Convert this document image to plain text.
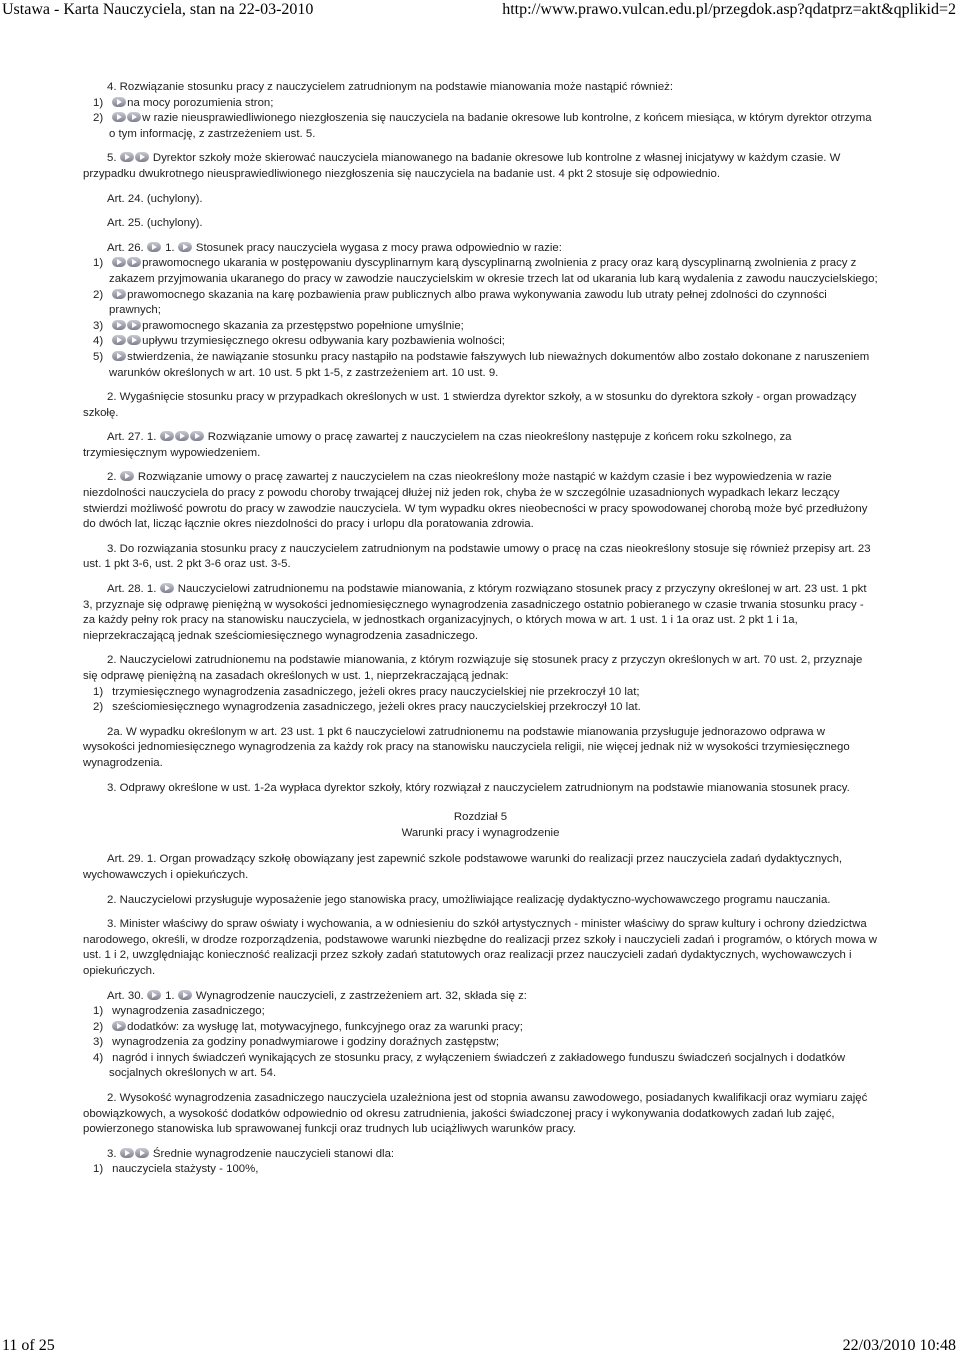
Ustawa - Karta Nauczyciela, stan na 22-03-2010	http://www.prawo.vulcan.edu.pl/przegdok.asp?qdatprz=akt&qplikid=2
4. Rozwiązanie stosunku pracy z nauczycielem zatrudnionym na podstawie mianowania może nastąpić również:
1) na mocy porozumienia stron;
2)	w razie nieusprawiedliwionego niezgłoszenia się nauczyciela na badanie okresowe lub kontrolne, z końcem miesiąca, w którym dyrektor otrzyma o tym informację, z zastrzeżeniem ust. 5.
5.	Dyrektor szkoły może skierować nauczyciela mianowanego na badanie okresowe lub kontrolne z własnej inicjatywy w każdym czasie. W przypadku dwukrotnego nieusprawiedliwionego niezgłoszenia się nauczyciela na badanie ust. 4 pkt 2 stosuje się odpowiednio.
Art. 24. (uchylony).
Art. 25. (uchylony).
Art. 26. 1. Stosunek pracy nauczyciela wygasa z mocy prawa odpowiednio w razie:
1)	prawomocnego ukarania w postępowaniu dyscyplinarnym karą dyscyplinarną zwolnienia z pracy oraz karą dyscyplinarną zwolnienia z pracy z zakazem przyjmowania ukaranego do pracy w zawodzie nauczycielskim w okresie trzech lat od ukarania lub karą wydalenia z zawodu nauczycielskiego;
2) prawomocnego skazania na karę pozbawienia praw publicznych albo prawa wykonywania zawodu lub utraty pełnej zdolności do czynności prawnych;
3)	prawomocnego skazania za przestępstwo popełnione umyślnie;
4)	upływu trzymiesięcznego okresu odbywania kary pozbawienia wolności;
5) stwierdzenia, że nawiązanie stosunku pracy nastąpiło na podstawie fałszywych lub nieważnych dokumentów albo zostało dokonane z naruszeniem warunków określonych w art. 10 ust. 5 pkt 1-5, z zastrzeżeniem art. 10 ust. 9.
2. Wygaśnięcie stosunku pracy w przypadkach określonych w ust. 1 stwierdza dyrektor szkoły, a w stosunku do dyrektora szkoły - organ prowadzący szkołę.
Art. 27. 1.	Rozwiązanie umowy o pracę zawartej z nauczycielem na czas nieokreślony następuje z końcem roku szkolnego, za trzymiesięcznym wypowiedzeniem.
2. Rozwiązanie umowy o pracę zawartej z nauczycielem na czas nieokreślony może nastąpić w każdym czasie i bez wypowiedzenia w razie niezdolności nauczyciela do pracy z powodu choroby trwającej dłużej niż jeden rok, chyba że w szczególnie uzasadnionych wypadkach lekarz leczący stwierdzi możliwość powrotu do pracy w zawodzie nauczyciela. W tym wypadku okres nieobecności w pracy spowodowanej chorobą może być przedłużony do dwóch lat, licząc łącznie okres niezdolności do pracy i urlopu dla poratowania zdrowia.
3. Do rozwiązania stosunku pracy z nauczycielem zatrudnionym na podstawie umowy o pracę na czas nieokreślony stosuje się również przepisy art. 23 ust. 1 pkt 3-6, ust. 2 pkt 3-6 oraz ust. 3-5.
Art. 28. 1. Nauczycielowi zatrudnionemu na podstawie mianowania, z którym rozwiązano stosunek pracy z przyczyny określonej w art. 23 ust. 1 pkt 3, przyznaje się odprawę pieniężną w wysokości jednomiesięcznego wynagrodzenia zasadniczego ostatnio pobieranego w czasie trwania stosunku pracy - za każdy pełny rok pracy na stanowisku nauczyciela, w jednostkach organizacyjnych, o których mowa w art. 1 ust. 1 i 1a oraz ust. 2 pkt 1 i 1a, nieprzekraczającą jednak sześciomiesięcznego wynagrodzenia zasadniczego.
2. Nauczycielowi zatrudnionemu na podstawie mianowania, z którym rozwiązuje się stosunek pracy z przyczyn określonych w art. 70 ust. 2, przyznaje się odprawę pieniężną na zasadach określonych w ust. 1, nieprzekraczającą jednak:
1) trzymiesięcznego wynagrodzenia zasadniczego, jeżeli okres pracy nauczycielskiej nie przekroczył 10 lat;
2) sześciomiesięcznego wynagrodzenia zasadniczego, jeżeli okres pracy nauczycielskiej przekroczył 10 lat.
2a. W wypadku określonym w art. 23 ust. 1 pkt 6 nauczycielowi zatrudnionemu na podstawie mianowania przysługuje jednorazowo odprawa w wysokości jednomiesięcznego wynagrodzenia za każdy rok pracy na stanowisku nauczyciela religii, nie więcej jednak niż w wysokości trzymiesięcznego wynagrodzenia.
3. Odprawy określone w ust. 1-2a wypłaca dyrektor szkoły, który rozwiązał z nauczycielem zatrudnionym na podstawie mianowania stosunek pracy.
Rozdział 5
Warunki pracy i wynagrodzenie
Art. 29. 1. Organ prowadzący szkołę obowiązany jest zapewnić szkole podstawowe warunki do realizacji przez nauczyciela zadań dydaktycznych, wychowawczych i opiekuńczych.
2. Nauczycielowi przysługuje wyposażenie jego stanowiska pracy, umożliwiające realizację dydaktyczno-wychowawczego programu nauczania.
3. Minister właściwy do spraw oświaty i wychowania, a w odniesieniu do szkół artystycznych - minister właściwy do spraw kultury i ochrony dziedzictwa narodowego, określi, w drodze rozporządzenia, podstawowe warunki niezbędne do realizacji przez szkoły i nauczycieli zadań i programów, o których mowa w ust. 1 i 2, uwzględniając konieczność realizacji przez szkoły zadań statutowych oraz realizacji przez nauczycieli zadań dydaktycznych, wychowawczych i opiekuńczych.
Art. 30. 1. Wynagrodzenie nauczycieli, z zastrzeżeniem art. 32, składa się z:
1) wynagrodzenia zasadniczego;
2) dodatków: za wysługę lat, motywacyjnego, funkcyjnego oraz za warunki pracy;
3) wynagrodzenia za godziny ponadwymiarowe i godziny doraźnych zastępstw;
4) nagród i innych świadczeń wynikających ze stosunku pracy, z wyłączeniem świadczeń z zakładowego funduszu świadczeń socjalnych i dodatków socjalnych określonych w art. 54.
2. Wysokość wynagrodzenia zasadniczego nauczyciela uzależniona jest od stopnia awansu zawodowego, posiadanych kwalifikacji oraz wymiaru zajęć obowiązkowych, a wysokość dodatków odpowiednio od okresu zatrudnienia, jakości świadczonej pracy i wykonywania dodatkowych zadań lub zajęć, powierzonego stanowiska lub sprawowanej funkcji oraz trudnych lub uciążliwych warunków pracy.
3.	Średnie wynagrodzenie nauczycieli stanowi dla:
1) nauczyciela stażysty - 100%,
11 of 25	22/03/2010 10:48
